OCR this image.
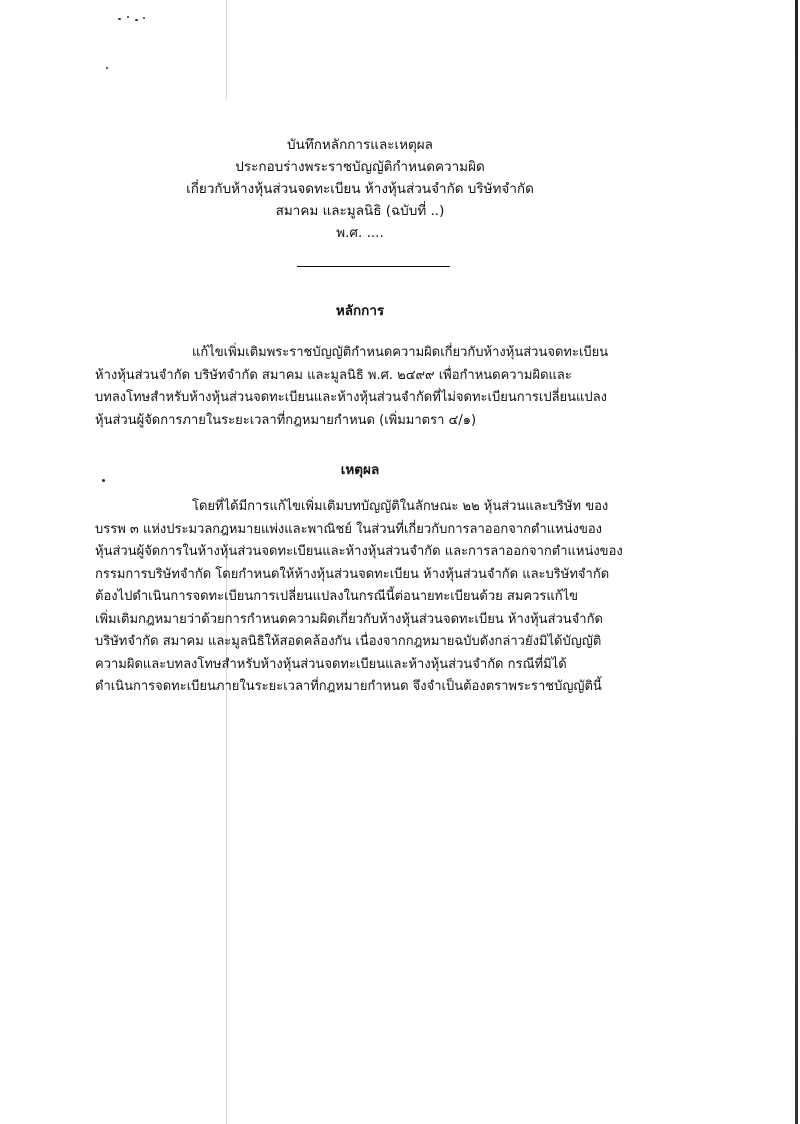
บันทึกหลักการและเหตุผล
ประกอบร่างพระราชบัญญัติกำหนดความผิด
เกี่ยวกับห้างหุ้นส่วนจดทะเบียน ห้างหุ้นส่วนจำกัด บริษัทจำกัด
สมาคม และมูลนิธิ (ฉบับที่ ..)
พ.ศ. ....
หลักการ
แก้ไขเพิ่มเติมพระราชบัญญัติกำหนดความผิดเกี่ยวกับห้างหุ้นส่วนจดทะเบียน
ห้างหุ้นส่วนจำกัด บริษัทจำกัด สมาคม และมูลนิธิ พ.ศ. ๒๔๙๙ เพื่อกำหนดความผิดและ
บทลงโทษสำหรับห้างหุ้นส่วนจดทะเบียนและห้างหุ้นส่วนจำกัดที่ไม่จดทะเบียนการเปลี่ยนแปลง
หุ้นส่วนผู้จัดการภายในระยะเวลาที่กฎหมายกำหนด (เพิ่มมาตรา ๔/๑)
เหตุผล
โดยที่ได้มีการแก้ไขเพิ่มเติมบทบัญญัติในลักษณะ ๒๒ หุ้นส่วนและบริษัท ของ
บรรพ ๓ แห่งประมวลกฎหมายแพ่งและพาณิชย์ ในส่วนที่เกี่ยวกับการลาออกจากตำแหน่งของ
หุ้นส่วนผู้จัดการในห้างหุ้นส่วนจดทะเบียนและห้างหุ้นส่วนจำกัด และการลาออกจากตำแหน่งของ
กรรมการบริษัทจำกัด โดยกำหนดให้ห้างหุ้นส่วนจดทะเบียน ห้างหุ้นส่วนจำกัด และบริษัทจำกัด
ต้องไปดำเนินการจดทะเบียนการเปลี่ยนแปลงในกรณีนี้ต่อนายทะเบียนด้วย สมควรแก้ไข
เพิ่มเติมกฎหมายว่าด้วยการกำหนดความผิดเกี่ยวกับห้างหุ้นส่วนจดทะเบียน ห้างหุ้นส่วนจำกัด
บริษัทจำกัด สมาคม และมูลนิธิให้สอดคล้องกัน เนื่องจากกฎหมายฉบับดังกล่าวยังมิได้บัญญัติ
ความผิดและบทลงโทษสำหรับห้างหุ้นส่วนจดทะเบียนและห้างหุ้นส่วนจำกัด กรณีที่มิได้
ดำเนินการจดทะเบียนภายในระยะเวลาที่กฎหมายกำหนด จึงจำเป็นต้องตราพระราชบัญญัตินี้
